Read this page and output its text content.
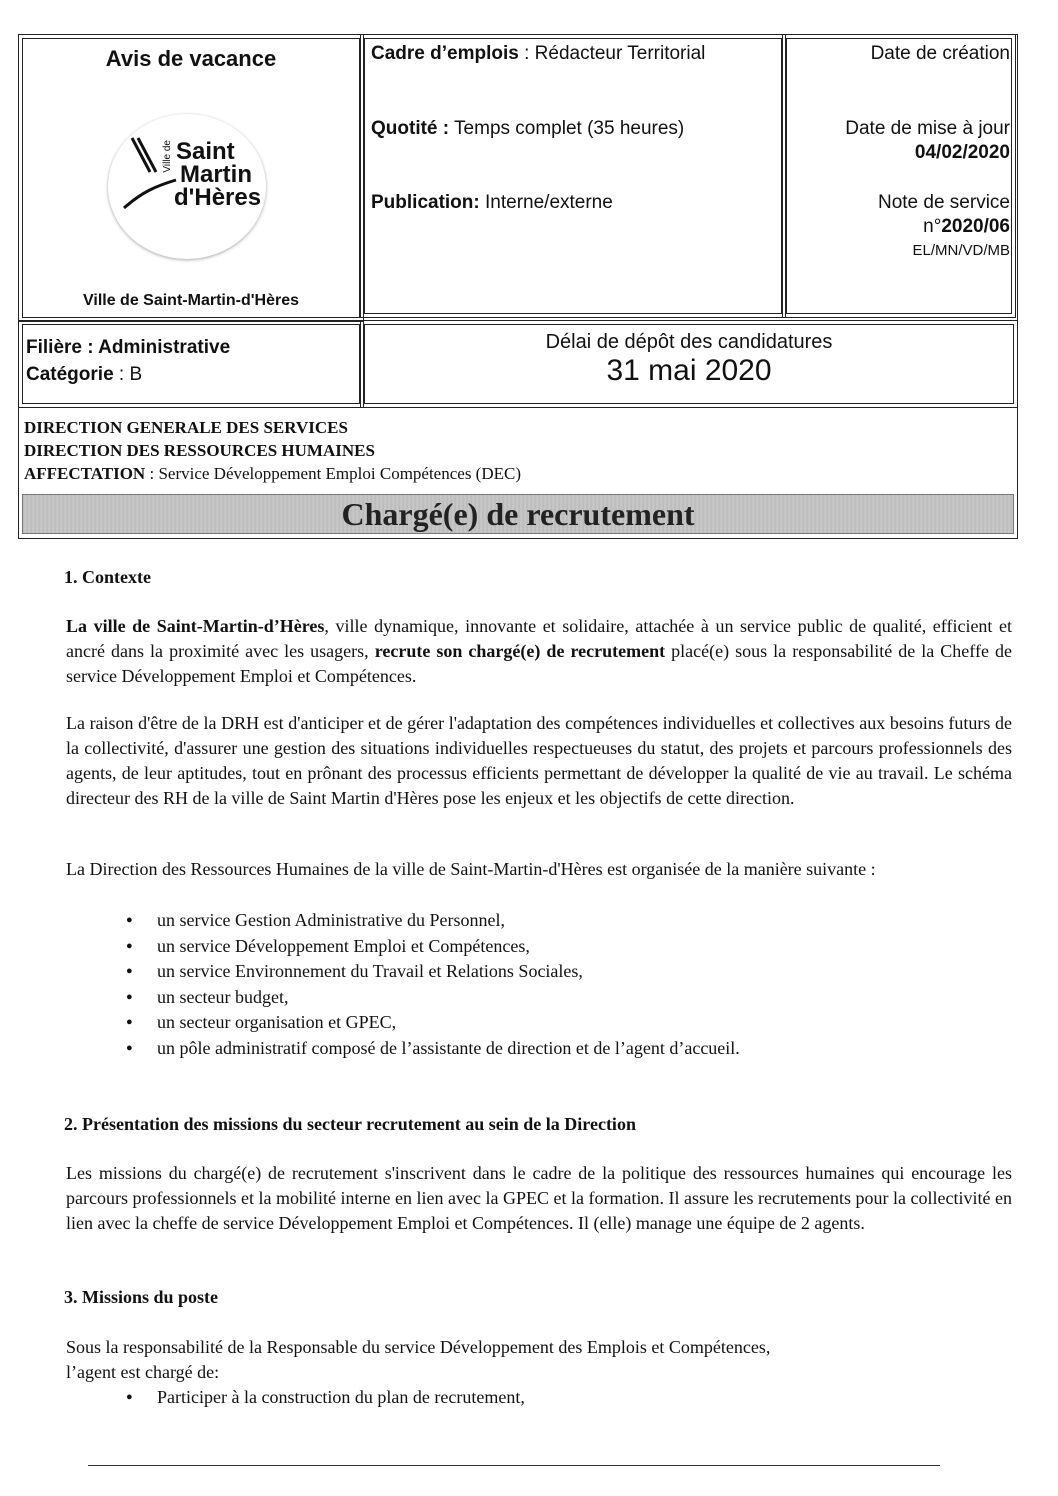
Avis de vacance
Ville de Saint
Martin
d'Hères
Ville de Saint-Martin-d'Hères
Cadre d’emplois : Rédacteur Territorial
Quotité : Temps complet (35 heures)
Publication: Interne/externe
Date de création
Date de mise à jour
04/02/2020
Note de service
n°2020/06
EL/MN/VD/MB
Filière : Administrative
Catégorie : B
Délai de dépôt des candidatures
31 mai 2020
DIRECTION GENERALE DES SERVICES
DIRECTION DES RESSOURCES HUMAINES
AFFECTATION : Service Développement Emploi Compétences (DEC)
Chargé(e) de recrutement
1. Contexte
La ville de Saint-Martin-d’Hères, ville dynamique, innovante et solidaire, attachée à un service public de qualité, efficient et ancré dans la proximité avec les usagers, recrute son chargé(e) de recrutement placé(e) sous la responsabilité de la Cheffe de service Développement Emploi et Compétences.
La raison d'être de la DRH est d'anticiper et de gérer l'adaptation des compétences individuelles et collectives aux besoins futurs de la collectivité, d'assurer une gestion des situations individuelles respectueuses du statut, des projets et parcours professionnels des agents, de leur aptitudes, tout en prônant des processus efficients permettant de développer la qualité de vie au travail. Le schéma directeur des RH de la ville de Saint Martin d'Hères pose les enjeux et les objectifs de cette direction.
La Direction des Ressources Humaines de la ville de Saint-Martin-d'Hères est organisée de la manière suivante :
● un service Gestion Administrative du Personnel,
● un service Développement Emploi et Compétences,
● un service Environnement du Travail et Relations Sociales,
● un secteur budget,
● un secteur organisation et GPEC,
● un pôle administratif composé de l’assistante de direction et de l’agent d’accueil.
2. Présentation des missions du secteur recrutement au sein de la Direction
Les missions du chargé(e) de recrutement s'inscrivent dans le cadre de la politique des ressources humaines qui encourage les parcours professionnels et la mobilité interne en lien avec la GPEC et la formation. Il assure les recrutements pour la collectivité en lien avec la cheffe de service Développement Emploi et Compétences. Il (elle) manage une équipe de 2 agents.
3. Missions du poste
Sous la responsabilité de la Responsable du service Développement des Emplois et Compétences,
l’agent est chargé de:
● Participer à la construction du plan de recrutement,
